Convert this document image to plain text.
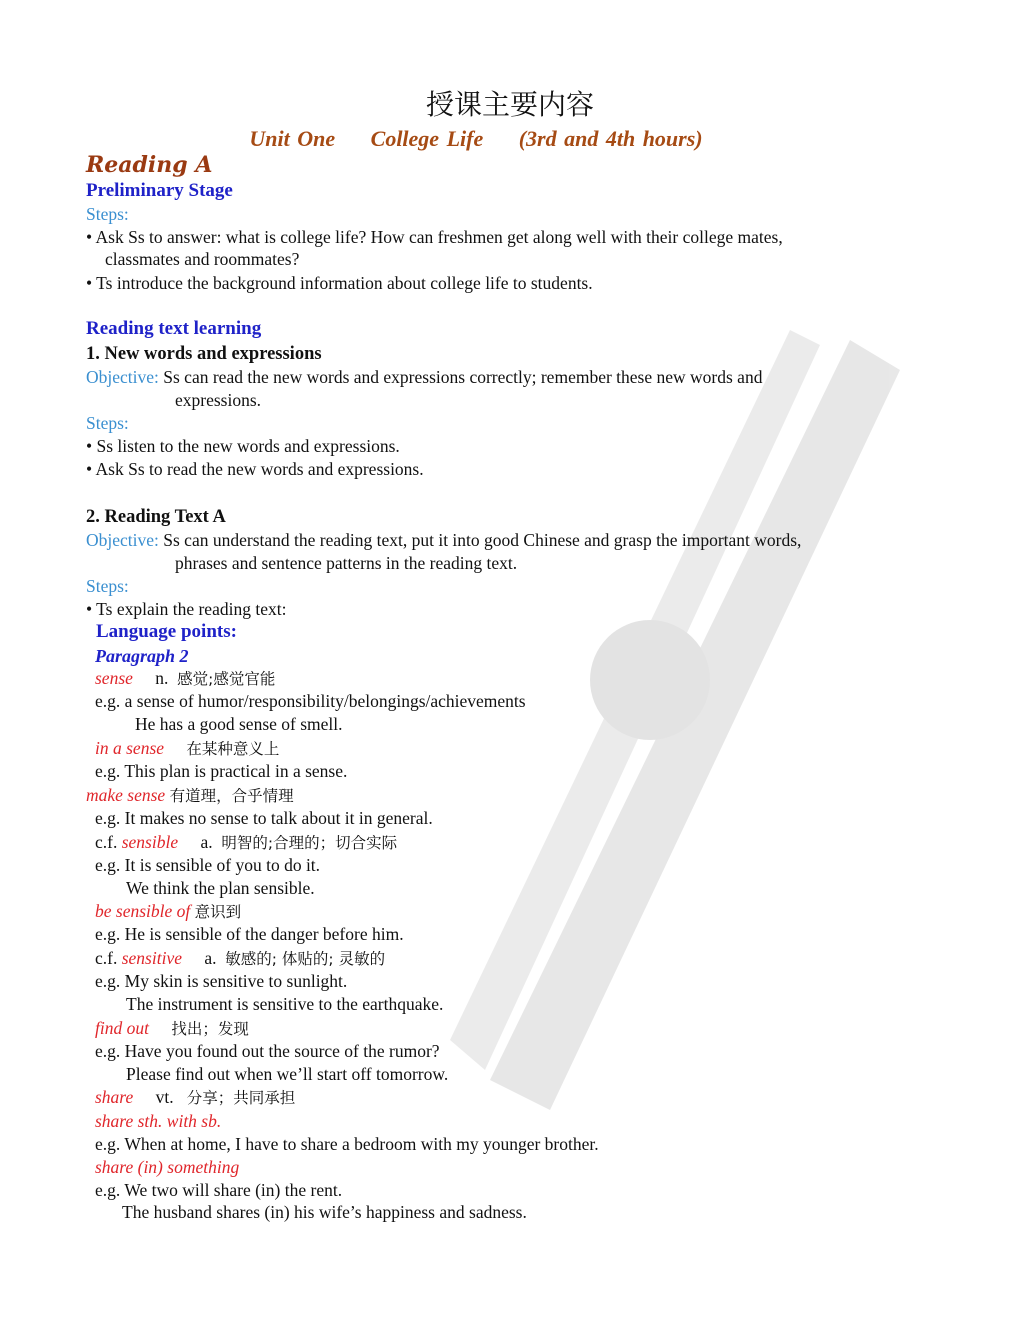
授课主要内容
Unit One College Life (3rd and 4th hours)
Reading A
Preliminary Stage
Steps:
• Ask Ss to answer: what is college life? How can freshmen get along well with their college mates,
classmates and roommates?
• Ts introduce the background information about college life to students.
Reading text learning
1. New words and expressions
Objective: Ss can read the new words and expressions correctly; remember these new words and
expressions.
Steps:
• Ss listen to the new words and expressions.
• Ask Ss to read the new words and expressions.
2. Reading Text A
Objective: Ss can understand the reading text, put it into good Chinese and grasp the important words,
phrases and sentence patterns in the reading text.
Steps:
• Ts explain the reading text:
Language points:
Paragraph 2
sense n. 感觉;感觉官能
e.g. a sense of humor/responsibility/belongings/achievements
He has a good sense of smell.
in a sense 在某种意义上
e.g. This plan is practical in a sense.
make sense 有道理，合乎情理
e.g. It makes no sense to talk about it in general.
c.f. sensible a. 明智的;合理的；切合实际
e.g. It is sensible of you to do it.
We think the plan sensible.
be sensible of 意识到
e.g. He is sensible of the danger before him.
c.f. sensitive a. 敏感的; 体贴的; 灵敏的
e.g. My skin is sensitive to sunlight.
The instrument is sensitive to the earthquake.
find out 找出；发现
e.g. Have you found out the source of the rumor?
Please find out when we’ll start off tomorrow.
share vt. 分享；共同承担
share sth. with sb.
e.g. When at home, I have to share a bedroom with my younger brother.
share (in) something
e.g. We two will share (in) the rent.
The husband shares (in) his wife’s happiness and sadness.
